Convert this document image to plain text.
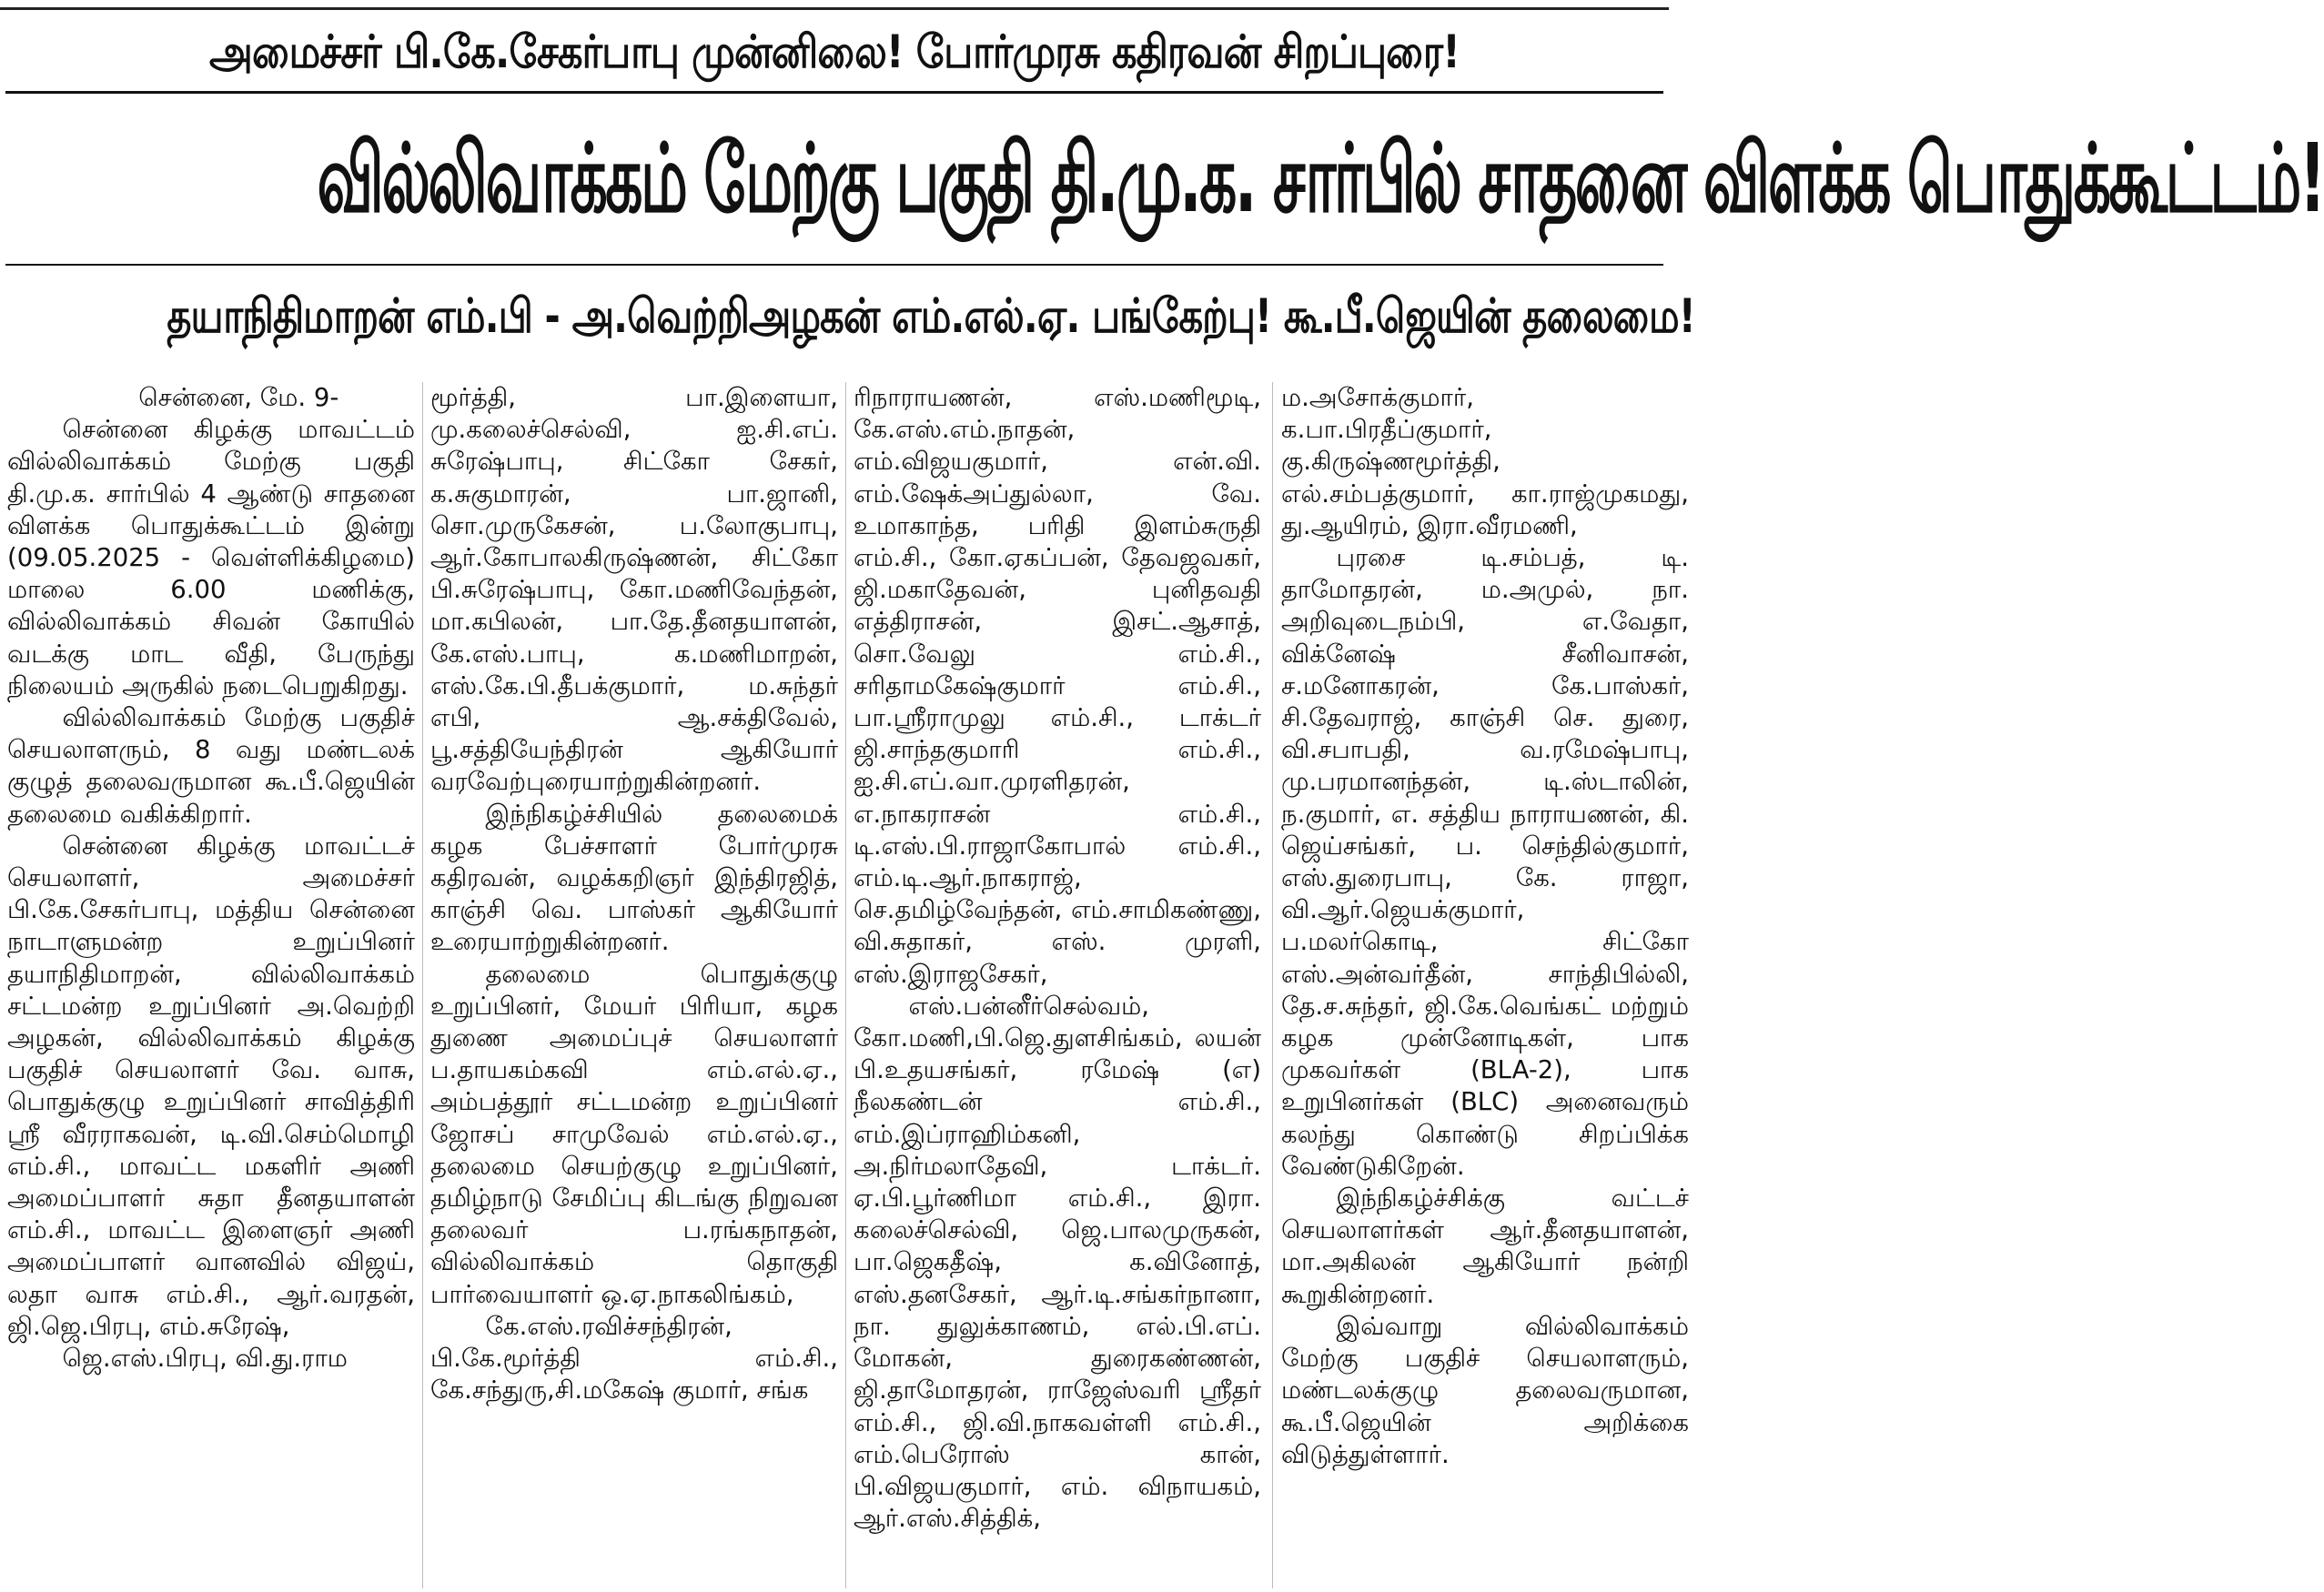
அமைச்சர் பி.கே.சேகர்பாபு முன்னிலை! போர்முரசு கதிரவன் சிறப்புரை!
வில்லிவாக்கம் மேற்கு பகுதி தி.மு.க. சார்பில் சாதனை விளக்க பொதுக்கூட்டம்!
தயாநிதிமாறன் எம்.பி - அ.வெற்றிஅழகன் எம்.எல்.ஏ. பங்கேற்பு! கூ.பீ.ஜெயின் தலைமை!

சென்னை, மே. 9-

சென்னை கிழக்கு மாவட்டம் வில்லிவாக்கம் மேற்கு பகுதி தி.மு.க. சார்பில் 4 ஆண்டு சாதனை விளக்க பொதுக்கூட்டம் இன்று (09.05.2025 - வெள்ளிக்கிழமை) மாலை 6.00 மணிக்கு, வில்லிவாக்கம் சிவன் கோயில் வடக்கு மாட வீதி, பேருந்து நிலையம் அருகில் நடைபெறுகிறது.

வில்லிவாக்கம் மேற்கு பகுதிச் செயலாளரும், 8 வது மண்டலக் குழுத் தலைவருமான கூ.பீ.ஜெயின் தலைமை வகிக்கிறார்.

சென்னை கிழக்கு மாவட்டச் செயலாளர், அமைச்சர் பி.கே.சேகர்பாபு, மத்திய சென்னை நாடாளுமன்ற உறுப்பினர் தயாநிதிமாறன், வில்லிவாக்கம் சட்டமன்ற உறுப்பினர் அ.வெற்றி அழகன், வில்லிவாக்கம் கிழக்கு பகுதிச் செயலாளர் வே. வாசு, பொதுக்குழு உறுப்பினர் சாவித்திரி ஸ்ரீ வீரராகவன், டி.வி.செம்மொழி எம்.சி., மாவட்ட மகளிர் அணி அமைப்பாளர் சுதா தீனதயாளன் எம்.சி., மாவட்ட இளைஞர் அணி அமைப்பாளர் வானவில் விஜய், லதா வாசு எம்.சி., ஆர்.வரதன், ஜி.ஜெ.பிரபு, எம்.சுரேஷ்,

ஜெ.எஸ்.பிரபு, வி.து.ராம

மூர்த்தி, பா.இளையா, மு.கலைச்செல்வி, ஐ.சி.எப். சுரேஷ்பாபு, சிட்கோ சேகர், க.சுகுமாரன், பா.ஜானி, சொ.முருகேசன், ப.லோகுபாபு, ஆர்.கோபாலகிருஷ்ணன், சிட்கோ பி.சுரேஷ்பாபு, கோ.மணிவேந்தன், மா.கபிலன், பா.தே.தீனதயாளன், கே.எஸ்.பாபு, க.மணிமாறன், எஸ்.கே.பி.தீபக்குமார், ம.சுந்தர் எபி, ஆ.சக்திவேல், பூ.சத்தியேந்திரன் ஆகியோர் வரவேற்புரையாற்றுகின்றனர்.

இந்நிகழ்ச்சியில் தலைமைக் கழக பேச்சாளர் போர்முரசு கதிரவன், வழக்கறிஞர் இந்திரஜித், காஞ்சி வெ. பாஸ்கர் ஆகியோர் உரையாற்றுகின்றனர்.

தலைமை பொதுக்குழு உறுப்பினர், மேயர் பிரியா, கழக துணை அமைப்புச் செயலாளர் ப.தாயகம்கவி எம்.எல்.ஏ., அம்பத்தூர் சட்டமன்ற உறுப்பினர் ஜோசப் சாமுவேல் எம்.எல்.ஏ., தலைமை செயற்குழு உறுப்பினர், தமிழ்நாடு சேமிப்பு கிடங்கு நிறுவன தலைவர் ப.ரங்கநாதன், வில்லிவாக்கம் தொகுதி பார்வையாளர் ஒ.ஏ.நாகலிங்கம்,

கே.எஸ்.ரவிச்சந்திரன், பி.கே.மூர்த்தி எம்.சி., கே.சந்துரு,சி.மகேஷ் குமார், சங்க

ரிநாராயணன், எஸ்.மணிமூடி, கே.எஸ்.எம்.நாதன், எம்.விஜயகுமார், என்.வி. எம்.ஷேக்அப்துல்லா, வே. உமாகாந்த, பரிதி இளம்சுருதி எம்.சி., கோ.ஏகப்பன், தேவஜவகர், ஜி.மகாதேவன், புனிதவதி எத்திராசன், இசட்.ஆசாத், சொ.வேலு எம்.சி., சரிதாமகேஷ்குமார் எம்.சி., பா.ஸ்ரீராமுலு எம்.சி., டாக்டர் ஜி.சாந்தகுமாரி எம்.சி., ஐ.சி.எப்.வா.முரளிதரன், எ.நாகராசன் எம்.சி., டி.எஸ்.பி.ராஜாகோபால் எம்.சி., எம்.டி.ஆர்.நாகராஜ், செ.தமிழ்வேந்தன், எம்.சாமிகண்ணு, வி.சுதாகர், எஸ். முரளி, எஸ்.இராஜசேகர்,

எஸ்.பன்னீர்செல்வம், கோ.மணி,பி.ஜெ.துளசிங்கம், லயன் பி.உதயசங்கர், ரமேஷ் (எ) நீலகண்டன் எம்.சி., எம்.இப்ராஹிம்கனி, அ.நிர்மலாதேவி, டாக்டர். ஏ.பி.பூர்ணிமா எம்.சி., இரா. கலைச்செல்வி, ஜெ.பாலமுருகன், பா.ஜெகதீஷ், க.வினோத், எஸ்.தனசேகர், ஆர்.டி.சங்கர்நானா, நா. துலுக்காணம், எல்.பி.எப். மோகன், துரைகண்ணன், ஜி.தாமோதரன், ராஜேஸ்வரி ஸ்ரீதர் எம்.சி., ஜி.வி.நாகவள்ளி எம்.சி., எம்.பெரோஸ் கான், பி.விஜயகுமார், எம். விநாயகம், ஆர்.எஸ்.சித்திக்,

ம.அசோக்குமார், க.பா.பிரதீப்குமார், கு.கிருஷ்ணமூர்த்தி, எல்.சம்பத்குமார், கா.ராஜ்முகமது, து.ஆயிரம், இரா.வீரமணி,

புரசை டி.சம்பத், டி. தாமோதரன், ம.அமுல், நா. அறிவுடைநம்பி, எ.வேதா, விக்னேஷ் சீனிவாசன், ச.மனோகரன், கே.பாஸ்கர், சி.தேவராஜ், காஞ்சி செ. துரை, வி.சபாபதி, வ.ரமேஷ்பாபு, மு.பரமானந்தன், டி.ஸ்டாலின், ந.குமார், எ. சத்திய நாராயணன், கி. ஜெய்சங்கர், ப. செந்தில்குமார், எஸ்.துரைபாபு, கே. ராஜா, வி.ஆர்.ஜெயக்குமார், ப.மலர்கொடி, சிட்கோ எஸ்.அன்வர்தீன், சாந்திபில்லி, தே.ச.சுந்தர், ஜி.கே.வெங்கட் மற்றும் கழக முன்னோடிகள், பாக முகவர்கள் (BLA-2), பாக உறுபினர்கள் (BLC) அனைவரும் கலந்து கொண்டு சிறப்பிக்க வேண்டுகிறேன்.

இந்நிகழ்ச்சிக்கு வட்டச் செயலாளர்கள் ஆர்.தீனதயாளன், மா.அகிலன் ஆகியோர் நன்றி கூறுகின்றனர்.

இவ்வாறு வில்லிவாக்கம் மேற்கு பகுதிச் செயலாளரும், மண்டலக்குழு தலைவருமான, கூ.பீ.ஜெயின் அறிக்கை விடுத்துள்ளார்.
